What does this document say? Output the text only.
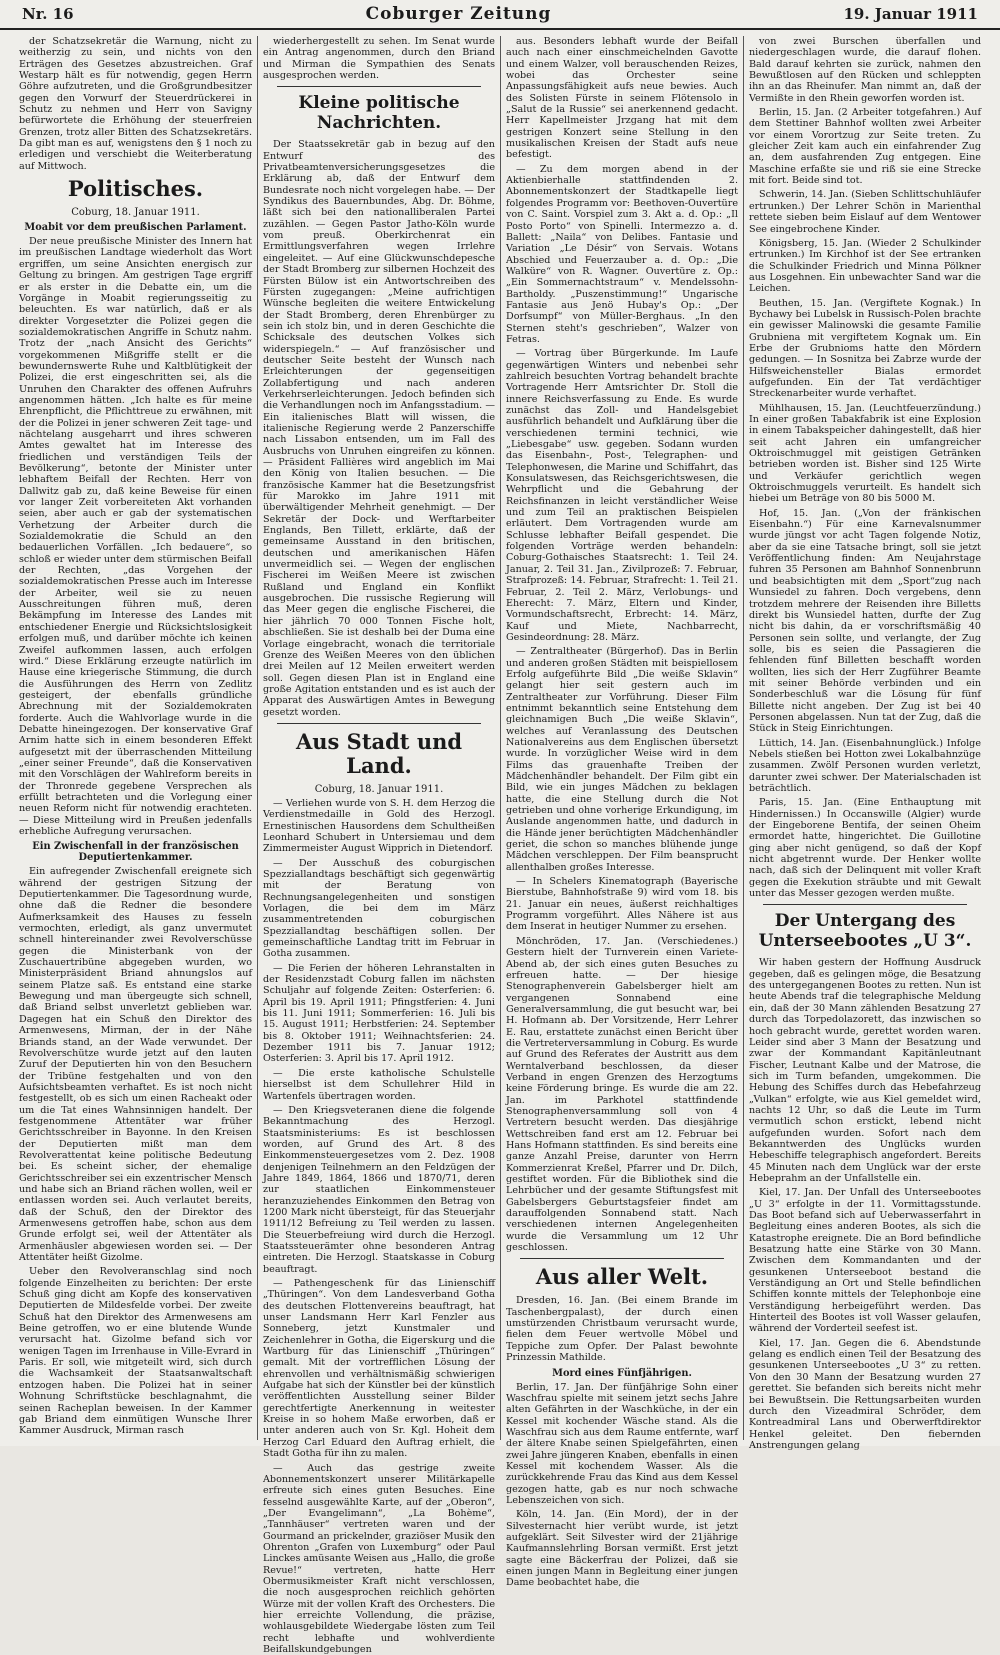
Nr. 16	Coburger Zeitung	19. Januar 1911

der Schatzsekretär die Warnung, nicht zu weitherzig zu sein, und nichts von den Erträgen des Gesetzes abzustreichen. Graf Westarp hält es für notwendig, gegen Herrn Göhre aufzutreten, und die Großgrundbesitzer gegen den Vorwurf der Steuerdrückerei in Schutz zu nehmen und Herr von Savigny befürwortete die Erhöhung der steuerfreien Grenzen, trotz aller Bitten des Schatzsekretärs. Da gibt man es auf, wenigstens den § 1 noch zu erledigen und verschiebt die Weiterberatung auf Mittwoch.

Politisches.
Coburg, 18. Januar 1911.
Moabit vor dem preußischen Parlament.

Der neue preußische Minister des Innern hat im preußischen Landtage wiederholt das Wort ergriffen, um seine Ansichten energisch zur Geltung zu bringen. Am gestrigen Tage ergriff er als erster in die Debatte ein, um die Vorgänge in Moabit regierungsseitig zu beleuchten. Es war natürlich, daß er als direkter Vorgesetzter die Polizei gegen die sozialdemokratischen Angriffe in Schutz nahm. Trotz der „nach Ansicht des Gerichts“ vorgekommenen Mißgriffe stellt er die bewundernswerte Ruhe und Kaltblütigkeit der Polizei, die erst eingeschritten sei, als die Unruhen den Charakter des offenen Aufruhrs angenommen hätten. „Ich halte es für meine Ehrenpflicht, die Pflichttreue zu erwähnen, mit der die Polizei in jener schweren Zeit tage- und nächtelang ausgeharrt und ihres schweren Amtes gewaltet hat im Interesse des friedlichen und verständigen Teils der Bevölkerung“, betonte der Minister unter lebhaftem Beifall der Rechten. Herr von Dallwitz gab zu, daß keine Beweise für einen vor langer Zeit vorbereiteten Akt vorhanden seien, aber auch er gab der systematischen Verhetzung der Arbeiter durch die Sozialdemokratie die Schuld an den bedauerlichen Vorfällen. „Ich bedauere“, so schloß er wieder unter dem stürmischen Beifall der Rechten, „das Vorgehen der sozialdemokratischen Presse auch im Interesse der Arbeiter, weil sie zu neuen Ausschreitungen führen muß, deren Bekämpfung im Interesse des Landes mit entschiedener Energie und Rücksichtslosigkeit erfolgen muß, und darüber möchte ich keinen Zweifel aufkommen lassen, auch erfolgen wird.“ Diese Erklärung erzeugte natürlich im Hause eine kriegerische Stimmung, die durch die Ausführungen des Herrn von Zedlitz gesteigert, der ebenfalls gründliche Abrechnung mit der Sozialdemokraten forderte. Auch die Wahlvorlage wurde in die Debatte hineingezogen. Der konservative Graf Arnim hatte sich in einem besonderen Effekt aufgesetzt mit der überraschenden Mitteilung „einer seiner Freunde“, daß die Konservativen mit den Vorschlägen der Wahlreform bereits in der Thronrede gegebene Versprechen als erfüllt betrachteten und die Vorlegung einer neuen Reform nicht für notwendig erachteten. — Diese Mitteilung wird in Preußen jedenfalls erhebliche Aufregung verursachen.

Ein Zwischenfall in der französischen Deputiertenkammer.

Ein aufregender Zwischenfall ereignete sich während der gestrigen Sitzung der Deputiertenkammer. Die Tagesordnung wurde, ohne daß die Redner die besondere Aufmerksamkeit des Hauses zu fesseln vermochten, erledigt, als ganz unvermutet schnell hintereinander zwei Revolverschüsse gegen die Ministerbank von der Zuschauertribüne abgegeben wurden, wo Ministerpräsident Briand ahnungslos auf seinem Platze saß. Es entstand eine starke Bewegung und man übergeugte sich schnell, daß Briand selbst unverletzt geblieben war. Dagegen hat ein Schuß den Direktor des Armenwesens, Mirman, der in der Nähe Briands stand, an der Wade verwundet. Der Revolverschütze wurde jetzt auf den lauten Zuruf der Deputierten hin von den Besuchern der Tribüne festgehalten und von den Aufsichtsbeamten verhaftet. Es ist noch nicht festgestellt, ob es sich um einen Racheakt oder um die Tat eines Wahnsinnigen handelt. Der festgenommene Attentäter war früher Gerichtsschreiber in Bayonne. In den Kreisen der Deputierten mißt man dem Revolverattentat keine politische Bedeutung bei. Es scheint sicher, der ehemalige Gerichtsschreiber sei ein exzentrischer Mensch und habe sich an Briand rächen wollen, weil er entlassen worden sei. Auch verlautet bereits, daß der Schuß, den der Direktor des Armenwesens getroffen habe, schon aus dem Grunde erfolgt sei, weil der Attentäter als Armenhäusler abgewiesen worden sei. — Der Attentäter heißt Gizolme.

Ueber den Revolveranschlag sind noch folgende Einzelheiten zu berichten: Der erste Schuß ging dicht am Kopfe des konservativen Deputierten de Mildesfelde vorbei. Der zweite Schuß hat den Direktor des Armenwesens am Beine getroffen, wo er eine blutende Wunde verursacht hat. Gizolme befand sich vor wenigen Tagen im Irrenhause in Ville-Evrard in Paris. Er soll, wie mitgeteilt wird, sich durch die Wachsamkeit der Staatsanwaltschaft entzogen haben. Die Polizei hat in seiner Wohnung Schriftstücke beschlagnahmt, die seinen Racheplan beweisen. In der Kammer gab Briand dem einmütigen Wunsche Ihrer Kammer Ausdruck, Mirman rasch

wiederhergestellt zu sehen. Im Senat wurde ein Antrag angenommen, durch den Briand und Mirman die Sympathien des Senats ausgesprochen werden.

Kleine politische Nachrichten.

Der Staatssekretär gab in bezug auf den Entwurf des Privatbeamtenversicherungsgesetzes die Erklärung ab, daß der Entwurf dem Bundesrate noch nicht vorgelegen habe. — Der Syndikus des Bauernbundes, Abg. Dr. Böhme, läßt sich bei den nationalliberalen Partei zuzählen. — Gegen Pastor Jatho-Köln wurde vom preuß. Oberkirchenrat ein Ermittlungsverfahren wegen Irrlehre eingeleitet. — Auf eine Glückwunschdepesche der Stadt Bromberg zur silbernen Hochzeit des Fürsten Bülow ist ein Antwortschreiben des Fürsten zugegangen: „Meine aufrichtigen Wünsche begleiten die weitere Entwickelung der Stadt Bromberg, deren Ehrenbürger zu sein ich stolz bin, und in deren Geschichte die Schicksale des deutschen Volkes sich widerspiegeln.“ — Auf französischer und deutscher Seite besteht der Wunsch nach Erleichterungen der gegenseitigen Zollabfertigung und nach anderen Verkehrserleichterungen. Jedoch befinden sich die Verhandlungen noch im Anfangsstadium. — Ein italienisches Blatt will wissen, die italienische Regierung werde 2 Panzerschiffe nach Lissabon entsenden, um im Fall des Ausbruchs von Unruhen eingreifen zu können. — Präsident Fallières wird angeblich im Mai den König von Italien besuchen. — Die französische Kammer hat die Besetzungsfrist für Marokko im Jahre 1911 mit überwältigender Mehrheit genehmigt. — Der Sekretär der Dock- und Werftarbeiter Englands, Ben Tillett, erklärte, daß der gemeinsame Ausstand in den britischen, deutschen und amerikanischen Häfen unvermeidlich sei. — Wegen der englischen Fischerei im Weißen Meere ist zwischen Rußland und England ein Konflikt ausgebrochen. Die russische Regierung will das Meer gegen die englische Fischerei, die hier jährlich 70 000 Tonnen Fische holt, abschließen. Sie ist deshalb bei der Duma eine Vorlage eingebracht, wonach die territoriale Grenze des Weißen Meeres von den üblichen drei Meilen auf 12 Meilen erweitert werden soll. Gegen diesen Plan ist in England eine große Agitation entstanden und es ist auch der Apparat des Auswärtigen Amtes in Bewegung gesetzt worden.

Aus Stadt und Land.
Coburg, 18. Januar 1911.

— Verliehen wurde von S. H. dem Herzog die Verdienstmedaille in Gold des Herzogl. Ernestinischen Hausordens dem Schultheißen Leonhard Schubert in Untersiemau und dem Zimmermeister August Wipprich in Dietendorf.

— Der Ausschuß des coburgischen Spezziallandtags beschäftigt sich gegenwärtig mit der Beratung von Rechnungsangelegenheiten und sonstigen Vorlagen, die bei dem im März zusammentretenden coburgischen Spezziallandtag beschäftigen sollen. Der gemeinschaftliche Landtag tritt im Februar in Gotha zusammen.

— Die Ferien der höheren Lehranstalten in der Residenzstadt Coburg fallen im nächsten Schuljahr auf folgende Zeiten: Osterferien: 6. April bis 19. April 1911; Pfingstferien: 4. Juni bis 11. Juni 1911; Sommerferien: 16. Juli bis 15. August 1911; Herbstferien: 24. September bis 8. Oktober 1911; Weihnachtsferien: 24. Dezember 1911 bis 7. Januar 1912; Osterferien: 3. April bis 17. April 1912.

— Die erste katholische Schulstelle hierselbst ist dem Schullehrer Hild in Wartenfels übertragen worden.

— Den Kriegsveteranen diene die folgende Bekanntmachung des Herzogl. Staatsministeriums: Es ist beschlossen worden, auf Grund des Art. 8 des Einkommensteuergesetzes vom 2. Dez. 1908 denjenigen Teilnehmern an den Feldzügen der Jahre 1849, 1864, 1866 und 1870/71, deren zur staatlichen Einkommensteuer heranzuziehendes Einkommen den Betrag von 1200 Mark nicht übersteigt, für das Steuerjahr 1911/12 Befreiung zu Teil werden zu lassen. Die Steuerbefreiung wird durch die Herzogl. Staatssteuerämter ohne besonderen Antrag eintreten. Die Herzogl. Staatskasse in Coburg beauftragt.

— Pathengeschenk für das Linienschiff „Thüringen“. Von dem Landesverband Gotha des deutschen Flottenvereins beauftragt, hat unser Landsmann Herr Karl Fenzler aus Sonneberg, jetzt Kunstmaler und Zeichenlehrer in Gotha, die Eigerskurg und die Wartburg für das Linienschiff „Thüringen“ gemalt. Mit der vortrefflichen Lösung der ehrenvollen und verhältnismäßig schwierigen Aufgabe hat sich der Künstler bei der künstlich veröffentlichten Ausstellung seiner Bilder gerechtfertigte Anerkennung in weitester Kreise in so hohem Maße erworben, daß er unter anderen auch von Sr. Kgl. Hoheit dem Herzog Carl Eduard den Auftrag erhielt, die Stadt Gotha für ihn zu malen.

— Auch das gestrige zweite Abonnementskonzert unserer Militärkapelle erfreute sich eines guten Besuches. Eine fesselnd ausgewählte Karte, auf der „Oberon“, „Der Evangelimann“, „La Bohème“, „Tannhäuser“ vertreten waren und der Gourmand an prickelnder, graziöser Musik den Ohrenton „Grafen von Luxemburg“ oder Paul Linckes amüsante Weisen aus „Hallo, die große Revue!“ vertreten, hatte Herr Obermusikmeister Kraft nicht verschlossen, die noch ausgesprochen reichlich gehörten Würze mit der vollen Kraft des Orchesters. Die hier erreichte Vollendung, die präzise, wohlausgebildete Wiedergabe lösten zum Teil recht lebhafte und wohlverdiente Beifallskundgebungen

aus. Besonders lebhaft wurde der Beifall auch nach einer einschmeichelnden Gavotte und einem Walzer, voll berauschenden Reizes, wobei das Orchester seine Anpassungsfähigkeit aufs neue bewies. Auch des Solisten Fürste in seinem Flötensolo in „Salut de la Russie“ sei anerkennend gedacht. Herr Kapellmeister Jrzgang hat mit dem gestrigen Konzert seine Stellung in den musikalischen Kreisen der Stadt aufs neue befestigt.

— Zu dem morgen abend in der Aktienbierhalle stattfindenden 2. Abonnementskonzert der Stadtkapelle liegt folgendes Programm vor: Beethoven-Ouvertüre von C. Saint. Vorspiel zum 3. Akt a. d. Op.: „Il Posto Porto“ von Spinelli. Intermezzo a. d. Ballett: „Naila“ von Delibes. Fantasie und Variation „Le Désir“ von Servais. Wotans Abschied und Feuerzauber a. d. Op.: „Die Walküre“ von R. Wagner. Ouvertüre z. Op.: „Ein Sommernachtstraum“ v. Mendelssohn-Bartholdy. „Puszenstimmung!“ Ungarische Fantasie aus Jenö Hubay's Op.: „Der Dorfsumpf“ von Müller-Berghaus. „In den Sternen steht's geschrieben“, Walzer von Fetras.

— Vortrag über Bürgerkunde. Im Laufe gegenwärtigen Winters und nebenbei sehr zahlreich besuchten Vortrag behandelt brachte Vortragende Herr Amtsrichter Dr. Stoll die innere Reichsverfassung zu Ende. Es wurde zunächst das Zoll- und Handelsgebiet ausführlich behandelt und Aufklärung über die verschiedenen termini technici, wie „Liebesgabe“ usw. gegeben. Sodann wurden das Eisenbahn-, Post-, Telegraphen- und Telephonwesen, die Marine und Schiffahrt, das Konsulatswesen, das Reichsgerichtswesen, die Wehrpflicht und die Gebahrung der Reichsfinanzen in leicht verständlicher Weise und zum Teil an praktischen Beispielen erläutert. Dem Vortragenden wurde am Schlusse lebhafter Beifall gespendet. Die folgenden Vorträge werden behandeln: Coburg-Gothaisches Staatsrecht: 1. Teil 24. Januar, 2. Teil 31. Jan., Zivilprozeß: 7. Februar, Strafprozeß: 14. Februar, Strafrecht: 1. Teil 21. Februar, 2. Teil 2. März, Verlobungs- und Eherecht: 7. März, Eltern und Kinder, Vormundschaftsrecht, Erbrecht: 14. März, Kauf und Miete, Nachbarrecht, Gesindeordnung: 28. März.

— Zentraltheater (Bürgerhof). Das in Berlin und anderen großen Städten mit beispiellosem Erfolg aufgeführte Bild „Die weiße Sklavin“ gelangt hier seit gestern auch im Zentraltheater zur Vorführung. Dieser Film entnimmt bekanntlich seine Entstehung dem gleichnamigen Buch „Die weiße Sklavin“, welches auf Veranlassung des Deutschen Nationalvereins aus dem Englischen übersetzt wurde. In vorzüglicher Weise wird in dem Films das grauenhafte Treiben der Mädchenhändler behandelt. Der Film gibt ein Bild, wie ein junges Mädchen zu beklagen hatte, die eine Stellung durch die Not getrieben und ohne vorherige Erkundigung, im Auslande angenommen hatte, und dadurch in die Hände jener berüchtigten Mädchenhändler geriet, die schon so manches blühende junge Mädchen verschleppen. Der Film beansprucht allenthalben großes Interesse.

— In Schelers Kinematograph (Bayerische Bierstube, Bahnhofstraße 9) wird vom 18. bis 21. Januar ein neues, äußerst reichhaltiges Programm vorgeführt. Alles Nähere ist aus dem Inserat in heutiger Nummer zu ersehen.

Mönchröden, 17. Jan. (Verschiedenes.) Gestern hielt der Turnverein einen Variete-Abend ab, der sich eines guten Besuches zu erfreuen hatte. — Der hiesige Stenographenverein Gabelsberger hielt am vergangenen Sonnabend eine Generalversammlung, die gut besucht war, bei H. Hofmann ab. Der Vorsitzende, Herr Lehrer E. Rau, erstattete zunächst einen Bericht über die Vertreterversammlung in Coburg. Es wurde auf Grund des Referates der Austritt aus dem Werntalverband beschlossen, da dieser Verband in engen Grenzen des Herzogtums keine Förderung bringe. Es wurde die am 22. Jan. im Parkhotel stattfindende Stenographenversammlung soll von 4 Vertretern besucht werden. Das diesjährige Wettschreiben fand erst am 12. Februar bei Hans Hofmann stattfinden. Es sind bereits eine ganze Anzahl Preise, darunter von Herrn Kommerzienrat Kreßel, Pfarrer und Dr. Dilch, gestiftet worden. Für die Bibliothek sind die Lehrbücher und der gesamte Stiftungsfest mit Gabelsbergers Geburtstagsfeier findet am darauffolgenden Sonnabend statt. Nach verschiedenen internen Angelegenheiten wurde die Versammlung um 12 Uhr geschlossen.

Aus aller Welt.

Dresden, 16. Jan. (Bei einem Brande im Taschenbergpalast), der durch einen umstürzenden Christbaum verursacht wurde, fielen dem Feuer wertvolle Möbel und Teppiche zum Opfer. Der Palast bewohnte Prinzessin Mathilde.

Mord eines Fünfjährigen.

Berlin, 17. Jan. Der fünfjährige Sohn einer Waschfrau spielte mit seinem jetzt sechs Jahre alten Gefährten in der Waschküche, in der ein Kessel mit kochender Wäsche stand. Als die Waschfrau sich aus dem Raume entfernte, warf der ältere Knabe seinen Spielgefährten, einen zwei Jahre jüngeren Knaben, ebenfalls in einen Kessel mit kochendem Wasser. Als die zurückkehrende Frau das Kind aus dem Kessel gezogen hatte, gab es nur noch schwache Lebenszeichen von sich.

Köln, 14. Jan. (Ein Mord), der in der Silvesternacht hier verübt wurde, ist jetzt aufgeklärt. Seit Silvester wird der 21jährige Kaufmannslehrling Borsan vermißt. Erst jetzt sagte eine Bäckerfrau der Polizei, daß sie einen jungen Mann in Begleitung einer jungen Dame beobachtet habe, die

von zwei Burschen überfallen und niedergeschlagen wurde, die darauf flohen. Bald darauf kehrten sie zurück, nahmen den Bewußtlosen auf den Rücken und schleppten ihn an das Rheinufer. Man nimmt an, daß der Vermißte in den Rhein geworfen worden ist.

Berlin, 15. Jan. (2 Arbeiter totgefahren.) Auf dem Stettiner Bahnhof wollten zwei Arbeiter vor einem Vorortzug zur Seite treten. Zu gleicher Zeit kam auch ein einfahrender Zug an, dem ausfahrenden Zug entgegen. Eine Maschine erfaßte sie und riß sie eine Strecke mit fort. Beide sind tot.

Schwerin, 14. Jan. (Sieben Schlittschuhläufer ertrunken.) Der Lehrer Schön in Marienthal rettete sieben beim Eislauf auf dem Wentower See eingebrochene Kinder.

Königsberg, 15. Jan. (Wieder 2 Schulkinder ertrunken.) Im Kirchhof ist der See ertranken die Schulkinder Friedrich und Minna Pölkner aus Losgehnen. Ein unbewachter Sand war die Leichen.

Beuthen, 15. Jan. (Vergiftete Kognak.) In Bychawy bei Lubelsk in Russisch-Polen brachte ein gewisser Malinowski die gesamte Familie Grubniena mit vergiftetem Kognak um. Ein Erbe der Grubnioms hatte den Mördern gedungen. — In Sosnitza bei Zabrze wurde der Hilfsweichensteller Bialas ermordet aufgefunden. Ein der Tat verdächtiger Streckenarbeiter wurde verhaftet.

Mühlhausen, 15. Jan. (Leuchtfeuerzündung.) In einer großen Tabakfabrik ist eine Explosion in einem Tabakspeicher dahingestellt, daß hier seit acht Jahren ein umfangreicher Oktroischmuggel mit geistigen Getränken betrieben worden ist. Bisher sind 125 Wirte und Verkäufer gerichtlich wegen Oktroischmuggels verurteilt. Es handelt sich hiebei um Beträge von 80 bis 5000 M.

Hof, 15. Jan. („Von der fränkischen Eisenbahn.“) Für eine Karnevalsnummer wurde jüngst vor acht Tagen folgende Notiz, aber da sie eine Tatsache bringt, soll sie jetzt Veröffentlichung finden: Am Neujahrstage fuhren 35 Personen am Bahnhof Sonnenbrunn und beabsichtigten mit dem „Sport“zug nach Wunsiedel zu fahren. Doch vergebens, denn trotzdem mehrere der Reisenden ihre Billetts direkt bis Wunsiedel hatten, durfte der Zug nicht bis dahin, da er vorschriftsmäßig 40 Personen sein sollte, und verlangte, der Zug solle, bis es seien die Passagieren die fehlenden fünf Billetten beschafft worden wollten, lies sich der Herr Zugführer Beamte mit seiner Behörde verbinden und ein Sonderbeschluß war die Lösung für fünf Billette nicht angeben. Der Zug ist bei 40 Personen abgelassen. Nun tat der Zug, daß die Stück in Steig Einrichtungen.

Lüttich, 14. Jan. (Eisenbahnunglück.) Infolge Nebels stießen bei Hotton zwei Lokalbahnzüge zusammen. Zwölf Personen wurden verletzt, darunter zwei schwer. Der Materialschaden ist beträchtlich.

Paris, 15. Jan. (Eine Enthauptung mit Hindernissen.) In Occanswille (Algier) wurde der Eingeborene Bentifa, der seinen Oheim ermordet hatte, hingerichtet. Die Guillotine ging aber nicht genügend, so daß der Kopf nicht abgetrennt wurde. Der Henker wollte nach, daß sich der Delinquent mit voller Kraft gegen die Exekution sträubte und mit Gewalt unter das Messer gezogen werden mußte.

Der Untergang des Unterseebootes „U 3“.

Wir haben gestern der Hoffnung Ausdruck gegeben, daß es gelingen möge, die Besatzung des untergegangenen Bootes zu retten. Nun ist heute Abends traf die telegraphische Meldung ein, daß der 30 Mann zählenden Besatzung 27 durch das Torpedolazorett, das inzwischen so hoch gebracht wurde, gerettet worden waren. Leider sind aber 3 Mann der Besatzung und zwar der Kommandant Kapitänleutnant Fischer, Leutnant Kalbe und der Matrose, die sich im Turm befanden, umgekommen. Die Hebung des Schiffes durch das Hebefahrzeug „Vulkan“ erfolgte, wie aus Kiel gemeldet wird, nachts 12 Uhr, so daß die Leute im Turm vermutlich schon erstickt, lebend nicht aufgefunden wurden. Sofort nach dem Bekanntwerden des Unglücks wurden Hebeschiffe telegraphisch angefordert. Bereits 45 Minuten nach dem Unglück war der erste Hebeprahm an der Unfallstelle ein.

Kiel, 17. Jan. Der Unfall des Unterseebootes „U 3“ erfolgte in der 11. Vormittagsstunde. Das Boot befand sich auf Ueberwasserfahrt in Begleitung eines anderen Bootes, als sich die Katastrophe ereignete. Die an Bord befindliche Besatzung hatte eine Stärke von 30 Mann. Zwischen dem Kommandanten und der gesunkenen Unterseeboot bestand die Verständigung an Ort und Stelle befindlichen Schiffen konnte mittels der Telephonboje eine Verständigung herbeigeführt werden. Das Hinterteil des Bootes ist voll Wasser gelaufen, während der Vorderteil seefest ist.

Kiel, 17. Jan. Gegen die 6. Abendstunde gelang es endlich einen Teil der Besatzung des gesunkenen Unterseebootes „U 3“ zu retten. Von den 30 Mann der Besatzung wurden 27 gerettet. Sie befanden sich bereits nicht mehr bei Bewußtsein. Die Rettungsarbeiten wurden durch den Vizeadmiral Schröder, dem Kontreadmiral Lans und Oberwerftdirektor Henkel geleitet. Den fiebernden Anstrengungen gelang
